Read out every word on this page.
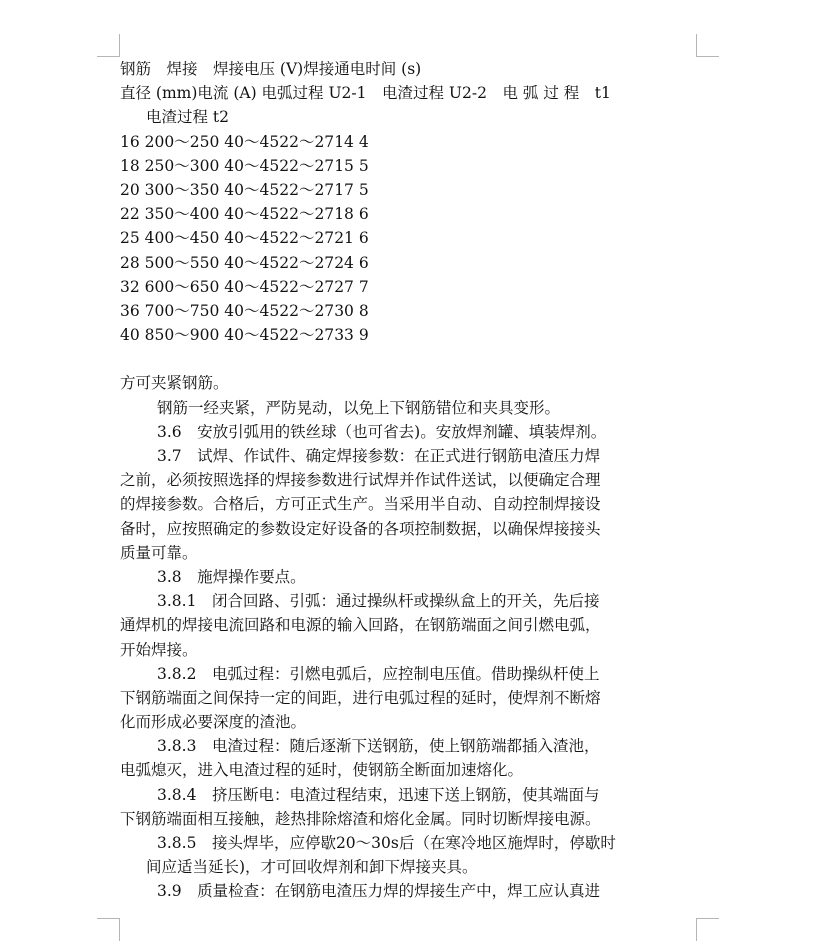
钢筋　焊接　焊接电压 (V)焊接通电时间 (s)
直径 (mm)电流 (A) 电弧过程 U2-1　电渣过程 U2-2　电 弧 过 程　t1
电渣过程 t2
16 200～250 40～4522～2714 4
18 250～300 40～4522～2715 5
20 300～350 40～4522～2717 5
22 350～400 40～4522～2718 6
25 400～450 40～4522～2721 6
28 500～550 40～4522～2724 6
32 600～650 40～4522～2727 7
36 700～750 40～4522～2730 8
40 850～900 40～4522～2733 9
方可夹紧钢筋。
钢筋一经夹紧，严防晃动，以免上下钢筋错位和夹具变形。
3.6　安放引弧用的铁丝球（也可省去)。安放焊剂罐、填装焊剂。
3.7　试焊、作试件、确定焊接参数：在正式进行钢筋电渣压力焊
之前，必须按照选择的焊接参数进行试焊并作试件送试，以便确定合理
的焊接参数。合格后，方可正式生产。当采用半自动、自动控制焊接设
备时，应按照确定的参数设定好设备的各项控制数据，以确保焊接接头
质量可靠。
3.8　施焊操作要点。
3.8.1　闭合回路、引弧：通过操纵杆或操纵盒上的开关，先后接
通焊机的焊接电流回路和电源的输入回路，在钢筋端面之间引燃电弧，
开始焊接。
3.8.2　电弧过程：引燃电弧后，应控制电压值。借助操纵杆使上
下钢筋端面之间保持一定的间距，进行电弧过程的延时，使焊剂不断熔
化而形成必要深度的渣池。
3.8.3　电渣过程：随后逐渐下送钢筋，使上钢筋端都插入渣池，
电弧熄灭，进入电渣过程的延时，使钢筋全断面加速熔化。
3.8.4　挤压断电：电渣过程结束，迅速下送上钢筋，使其端面与
下钢筋端面相互接触，趁热排除熔渣和熔化金属。同时切断焊接电源。
3.8.5　接头焊毕，应停歇20～30s后（在寒冷地区施焊时，停歇时
间应适当延长)，才可回收焊剂和卸下焊接夹具。
3.9　质量检查：在钢筋电渣压力焊的焊接生产中，焊工应认真进
